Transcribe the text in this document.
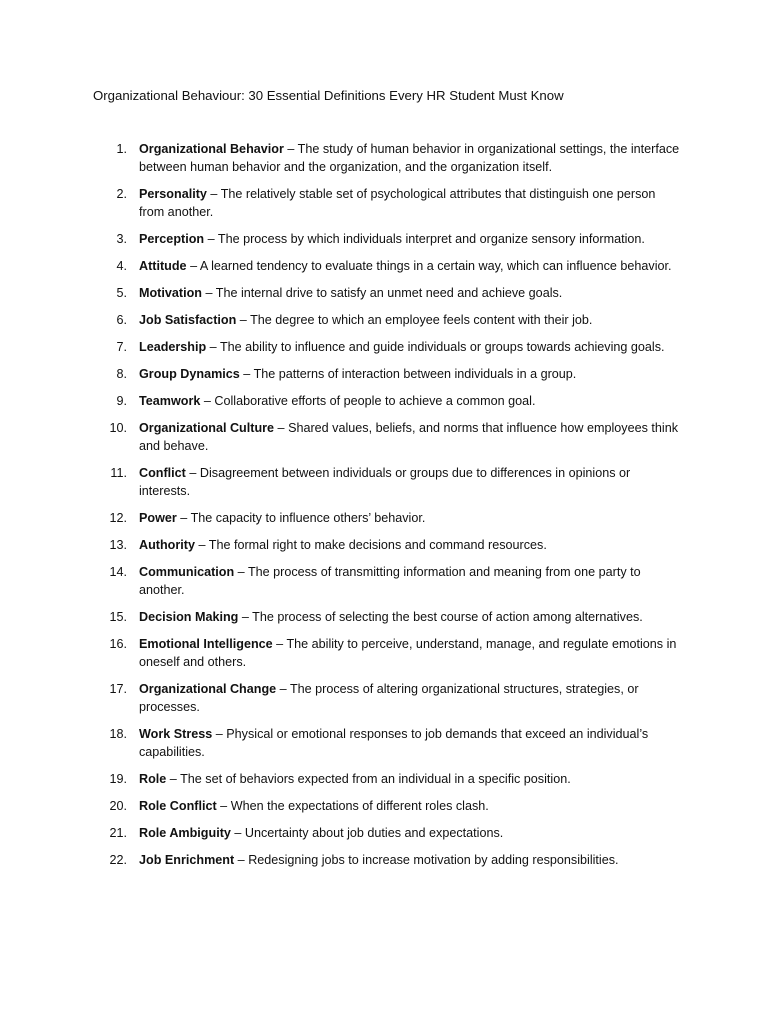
Organizational Behaviour: 30 Essential Definitions Every HR Student Must Know
1. Organizational Behavior – The study of human behavior in organizational settings, the interface between human behavior and the organization, and the organization itself.
2. Personality – The relatively stable set of psychological attributes that distinguish one person from another.
3. Perception – The process by which individuals interpret and organize sensory information.
4. Attitude – A learned tendency to evaluate things in a certain way, which can influence behavior.
5. Motivation – The internal drive to satisfy an unmet need and achieve goals.
6. Job Satisfaction – The degree to which an employee feels content with their job.
7. Leadership – The ability to influence and guide individuals or groups towards achieving goals.
8. Group Dynamics – The patterns of interaction between individuals in a group.
9. Teamwork – Collaborative efforts of people to achieve a common goal.
10. Organizational Culture – Shared values, beliefs, and norms that influence how employees think and behave.
11. Conflict – Disagreement between individuals or groups due to differences in opinions or interests.
12. Power – The capacity to influence others’ behavior.
13. Authority – The formal right to make decisions and command resources.
14. Communication – The process of transmitting information and meaning from one party to another.
15. Decision Making – The process of selecting the best course of action among alternatives.
16. Emotional Intelligence – The ability to perceive, understand, manage, and regulate emotions in oneself and others.
17. Organizational Change – The process of altering organizational structures, strategies, or processes.
18. Work Stress – Physical or emotional responses to job demands that exceed an individual’s capabilities.
19. Role – The set of behaviors expected from an individual in a specific position.
20. Role Conflict – When the expectations of different roles clash.
21. Role Ambiguity – Uncertainty about job duties and expectations.
22. Job Enrichment – Redesigning jobs to increase motivation by adding responsibilities.
